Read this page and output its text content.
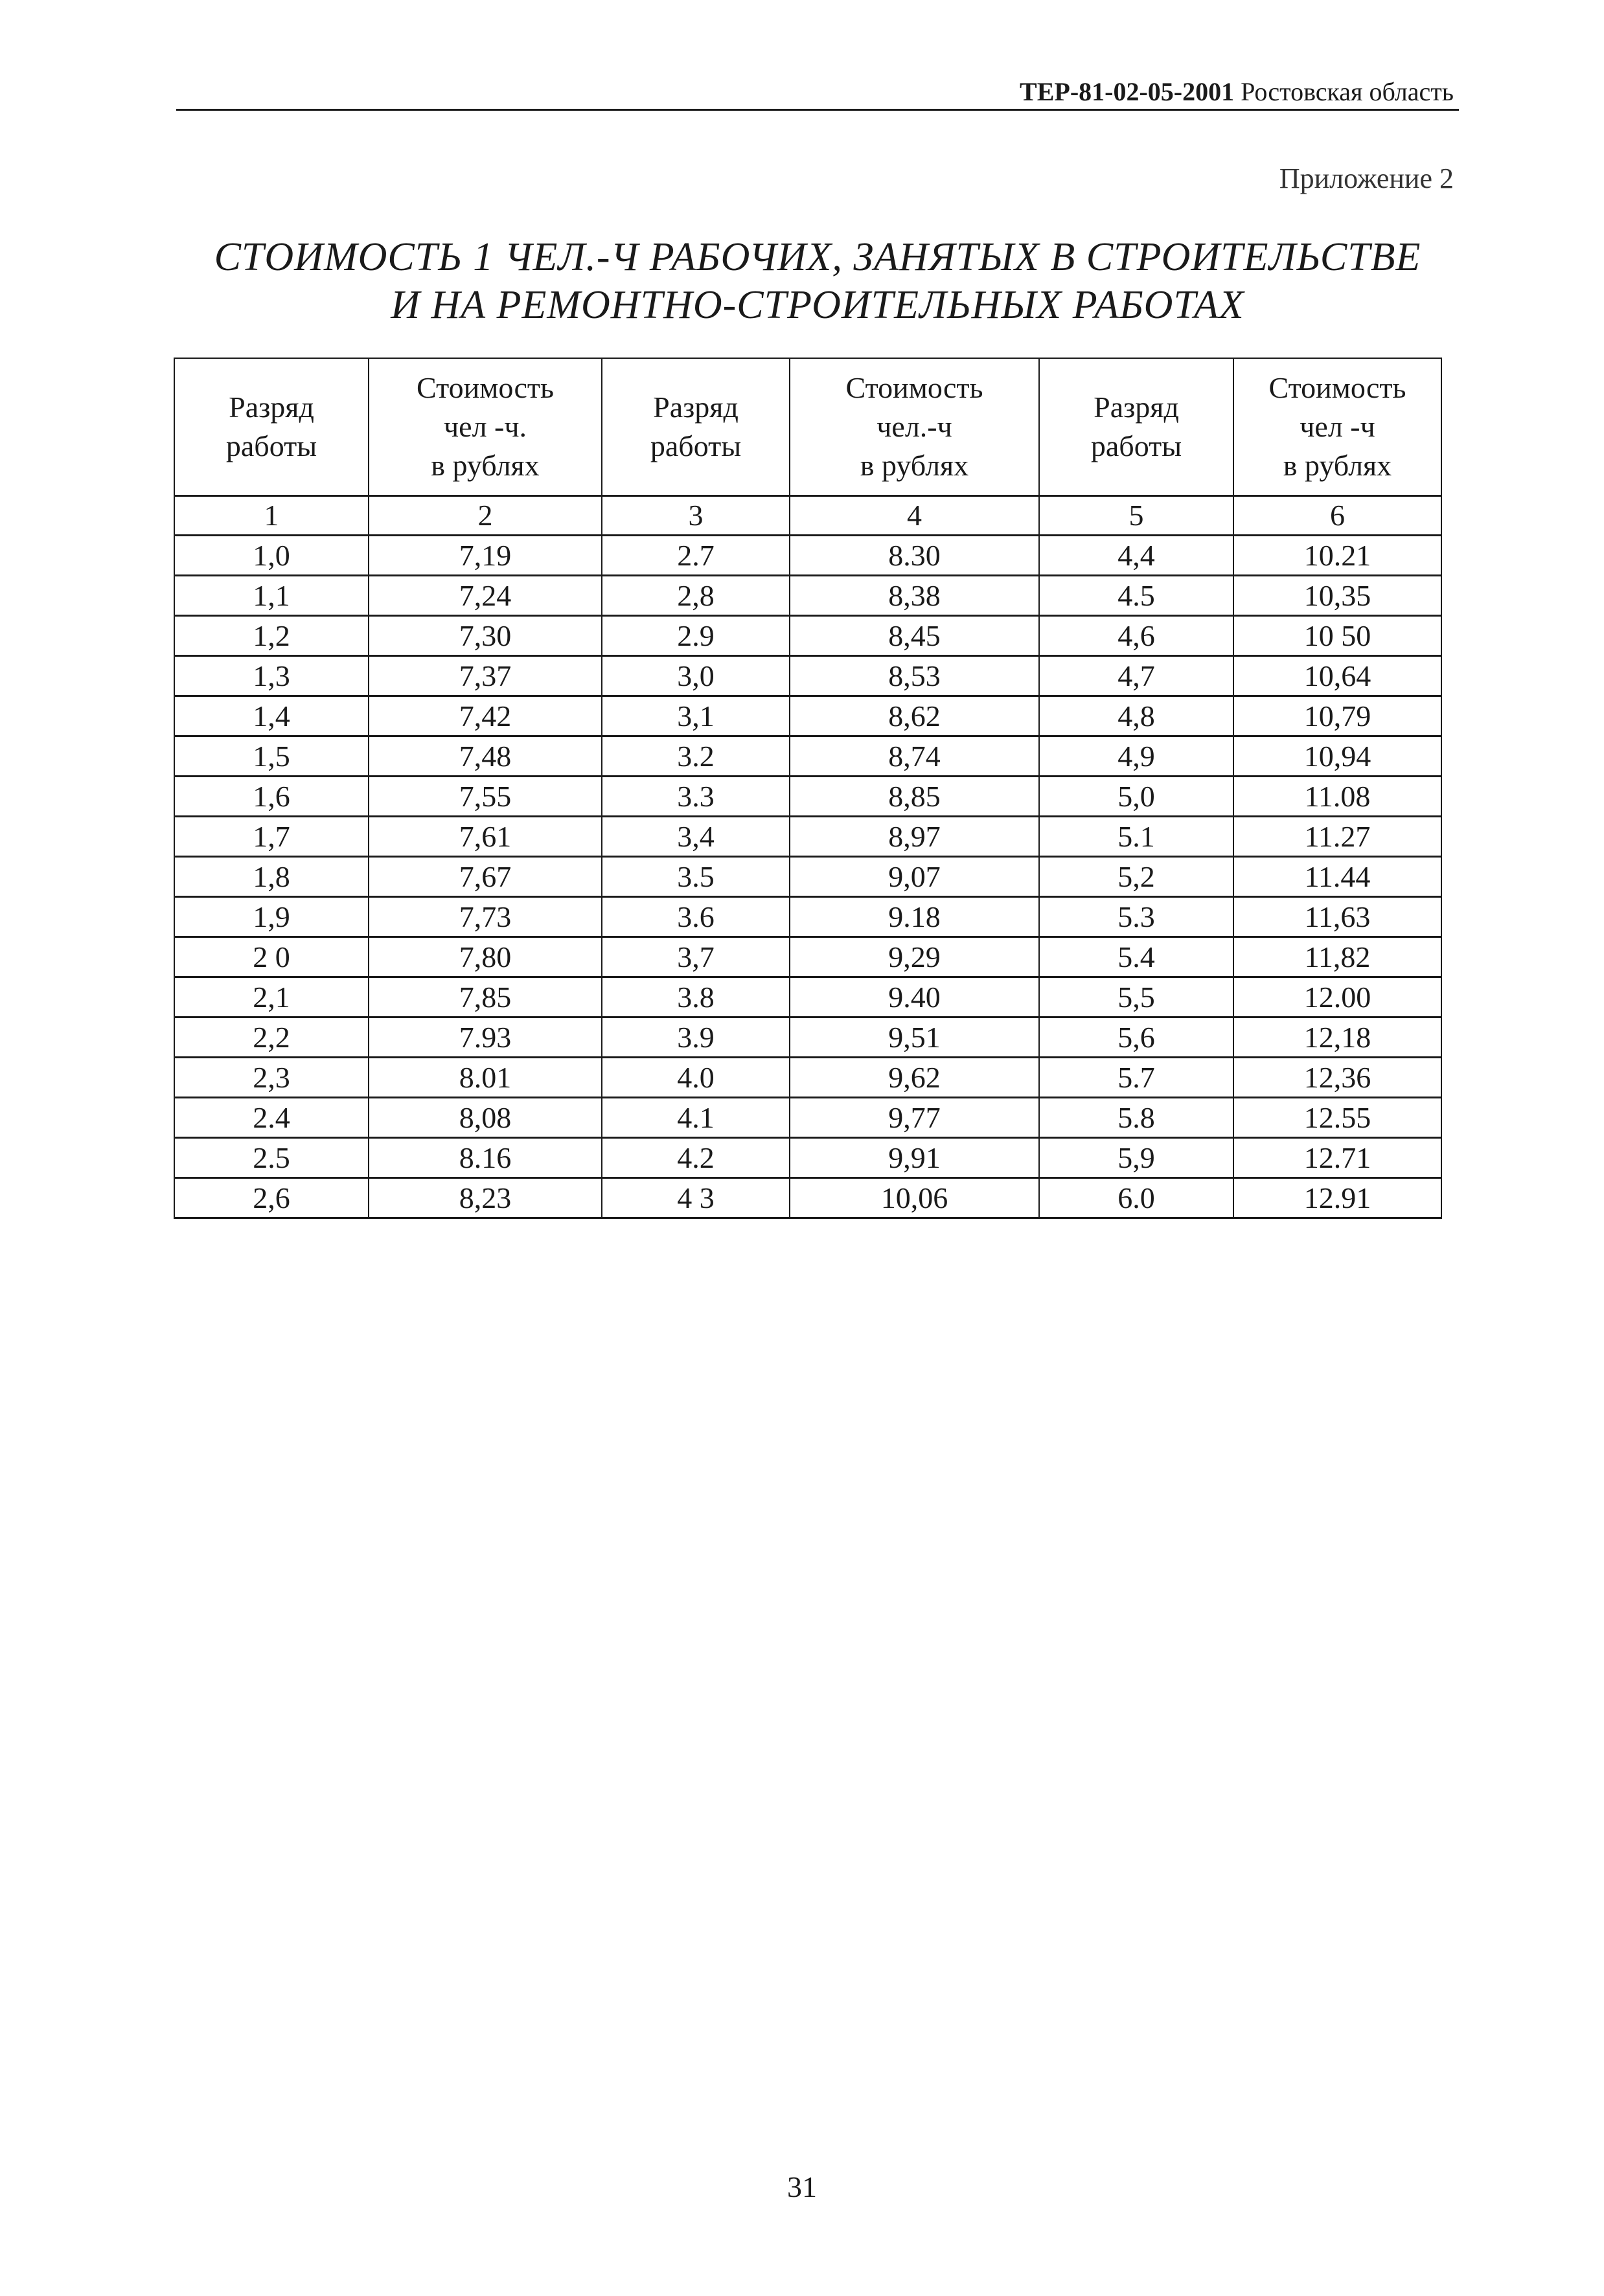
ТЕР-81-02-05-2001 Ростовская область
Приложение 2
СТОИМОСТЬ 1 ЧЕЛ.-Ч РАБОЧИХ, ЗАНЯТЫХ В СТРОИТЕЛЬСТВЕ
И НА РЕМОНТНО-СТРОИТЕЛЬНЫХ РАБОТАХ
Разряд
работы	Стоимость
чел -ч.
в рублях	Разряд
работы	Стоимость
чел.-ч
в рублях	Разряд
работы	Стоимость
чел -ч
в рублях
1	2	3	4	5	6
1,0	7,19	2.7	8.30	4,4	10.21
1,1	7,24	2,8	8,38	4.5	10,35
1,2	7,30	2.9	8,45	4,6	10 50
1,3	7,37	3,0	8,53	4,7	10,64
1,4	7,42	3,1	8,62	4,8	10,79
1,5	7,48	3.2	8,74	4,9	10,94
1,6	7,55	3.3	8,85	5,0	11.08
1,7	7,61	3,4	8,97	5.1	11.27
1,8	7,67	3.5	9,07	5,2	11.44
1,9	7,73	3.6	9.18	5.3	11,63
2 0	7,80	3,7	9,29	5.4	11,82
2,1	7,85	3.8	9.40	5,5	12.00
2,2	7.93	3.9	9,51	5,6	12,18
2,3	8.01	4.0	9,62	5.7	12,36
2.4	8,08	4.1	9,77	5.8	12.55
2.5	8.16	4.2	9,91	5,9	12.71
2,6	8,23	4 3	10,06	6.0	12.91
31
